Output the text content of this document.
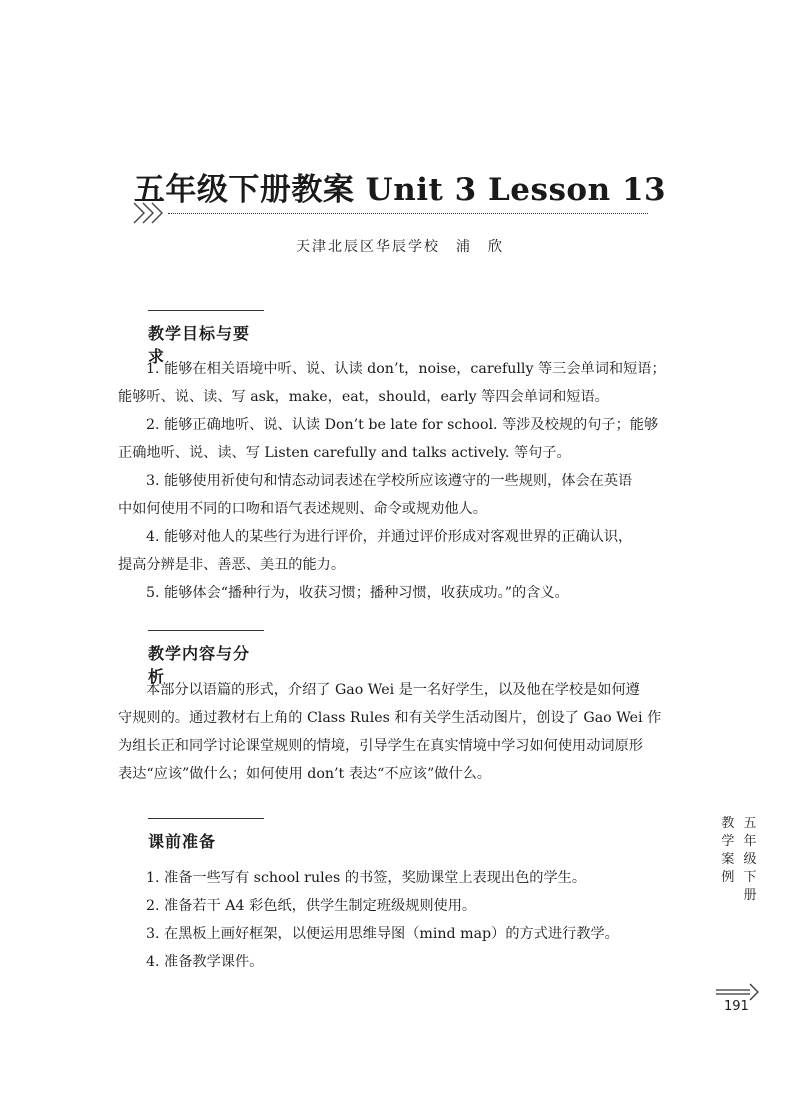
五年级下册教案 Unit 3 Lesson 13
天津北辰区华辰学校　浦　欣
教学目标与要求
1. 能够在相关语境中听、说、认读 don’t，noise，carefully 等三会单词和短语；
能够听、说、读、写 ask，make，eat，should，early 等四会单词和短语。
2. 能够正确地听、说、认读 Don’t be late for school. 等涉及校规的句子；能够
正确地听、说、读、写 Listen carefully and talks actively. 等句子。
3. 能够使用祈使句和情态动词表述在学校所应该遵守的一些规则，体会在英语
中如何使用不同的口吻和语气表述规则、命令或规劝他人。
4. 能够对他人的某些行为进行评价，并通过评价形成对客观世界的正确认识，
提高分辨是非、善恶、美丑的能力。
5. 能够体会“播种行为，收获习惯；播种习惯，收获成功。”的含义。
教学内容与分析
本部分以语篇的形式，介绍了 Gao Wei 是一名好学生，以及他在学校是如何遵
守规则的。通过教材右上角的 Class Rules 和有关学生活动图片，创设了 Gao Wei 作
为组长正和同学讨论课堂规则的情境，引导学生在真实情境中学习如何使用动词原形
表达“应该”做什么；如何使用 don’t 表达“不应该”做什么。
课前准备
1. 准备一些写有 school rules 的书签，奖励课堂上表现出色的学生。
2. 准备若干 A4 彩色纸，供学生制定班级规则使用。
3. 在黑板上画好框架，以便运用思维导图（mind map）的方式进行教学。
4. 准备教学课件。
教
学
案
例

五
年
级
下
册
191
